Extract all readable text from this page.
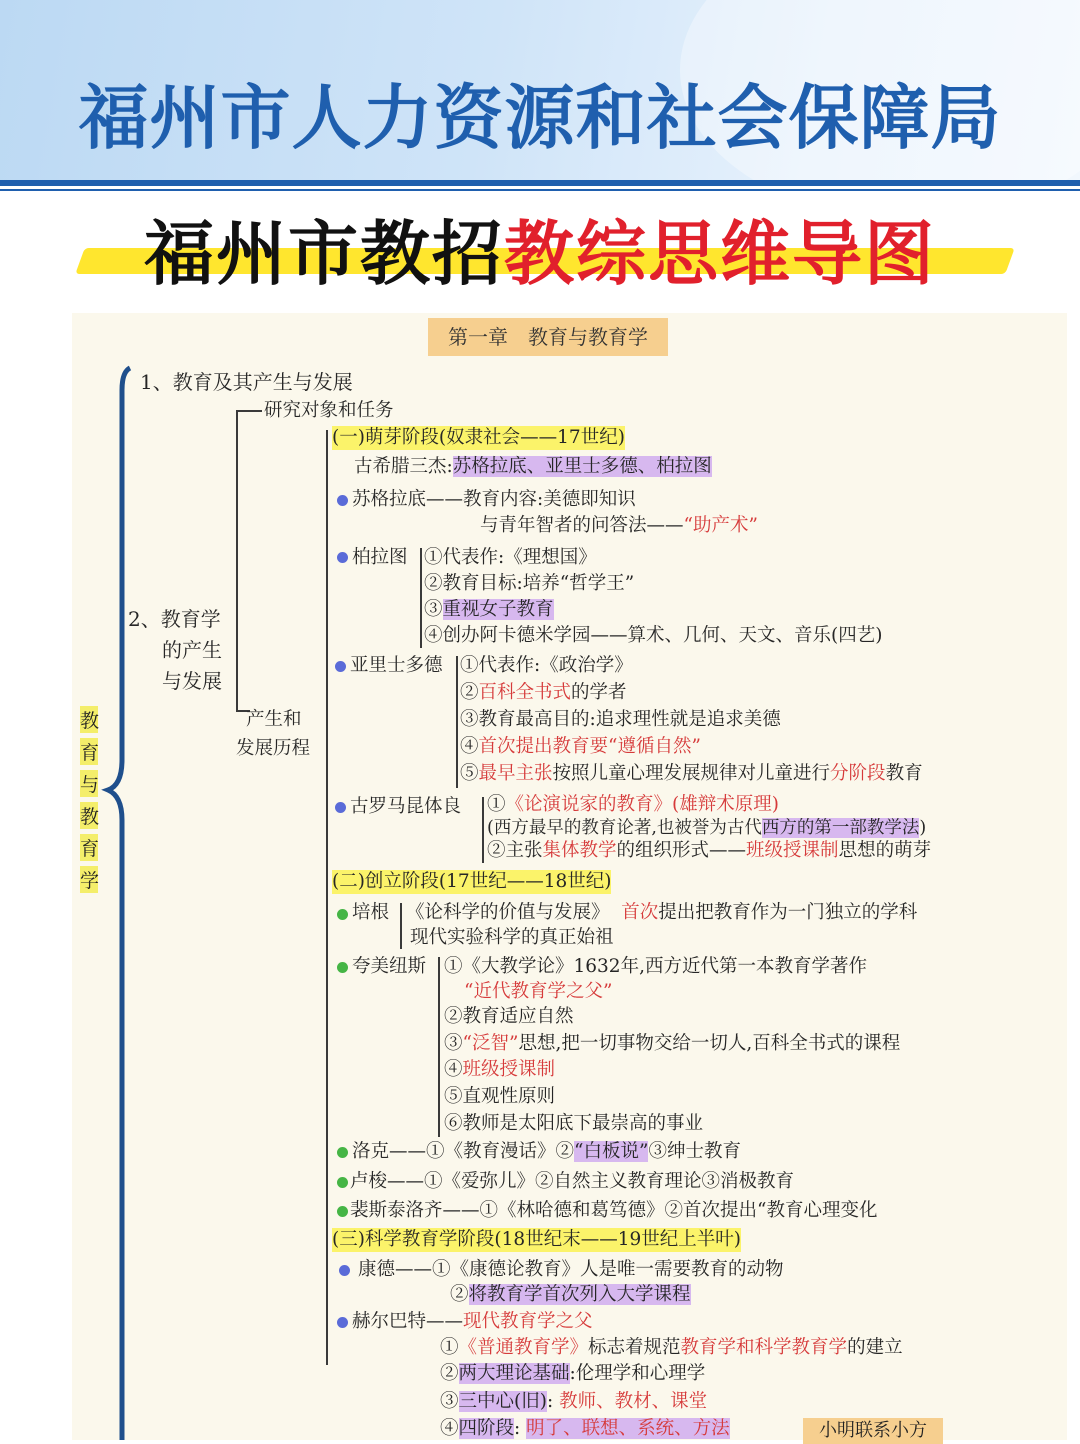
福州市人力资源和社会保障局
福州市教招教综思维导图
第一章　教育与教育学
教
育
与
教
育
学
1、教育及其产生与发展
研究对象和任务
2、教育学
的产生
与发展
产生和
发展历程
(一)萌芽阶段(奴隶社会——17世纪)
古希腊三杰:苏格拉底、亚里士多德、柏拉图
苏格拉底——教育内容:美德即知识
与青年智者的问答法——“助产术”
柏拉图 ①代表作:《理想国》
②教育目标:培养“哲学王”
③重视女子教育
④创办阿卡德米学园——算术、几何、天文、音乐(四艺)
亚里士多德 ①代表作:《政治学》
②百科全书式的学者
③教育最高目的:追求理性就是追求美德
④首次提出教育要“遵循自然”
⑤最早主张按照儿童心理发展规律对儿童进行分阶段教育
古罗马昆体良 ①《论演说家的教育》(雄辩术原理)
(西方最早的教育论著,也被誉为古代西方的第一部教学法)
②主张集体教学的组织形式——班级授课制思想的萌芽
(二)创立阶段(17世纪——18世纪)
培根 《论科学的价值与发展》 首次提出把教育作为一门独立的学科
现代实验科学的真正始祖
夸美纽斯 ①《大教学论》1632年,西方近代第一本教育学著作
“近代教育学之父”
②教育适应自然
③“泛智”思想,把一切事物交给一切人,百科全书式的课程
④班级授课制
⑤直观性原则
⑥教师是太阳底下最崇高的事业
洛克——①《教育漫话》②“白板说”③绅士教育
卢梭——①《爱弥儿》②自然主义教育理论③消极教育
裴斯泰洛齐——①《林哈德和葛笃德》②首次提出“教育心理变化
(三)科学教育学阶段(18世纪末——19世纪上半叶)
康德——①《康德论教育》人是唯一需要教育的动物
②将教育学首次列入大学课程
赫尔巴特——现代教育学之父
①《普通教育学》标志着规范教育学和科学教育学的建立
②两大理论基础:伦理学和心理学
③三中心(旧): 教师、教材、课堂
④四阶段: 明了、联想、系统、方法	小明联系小方
